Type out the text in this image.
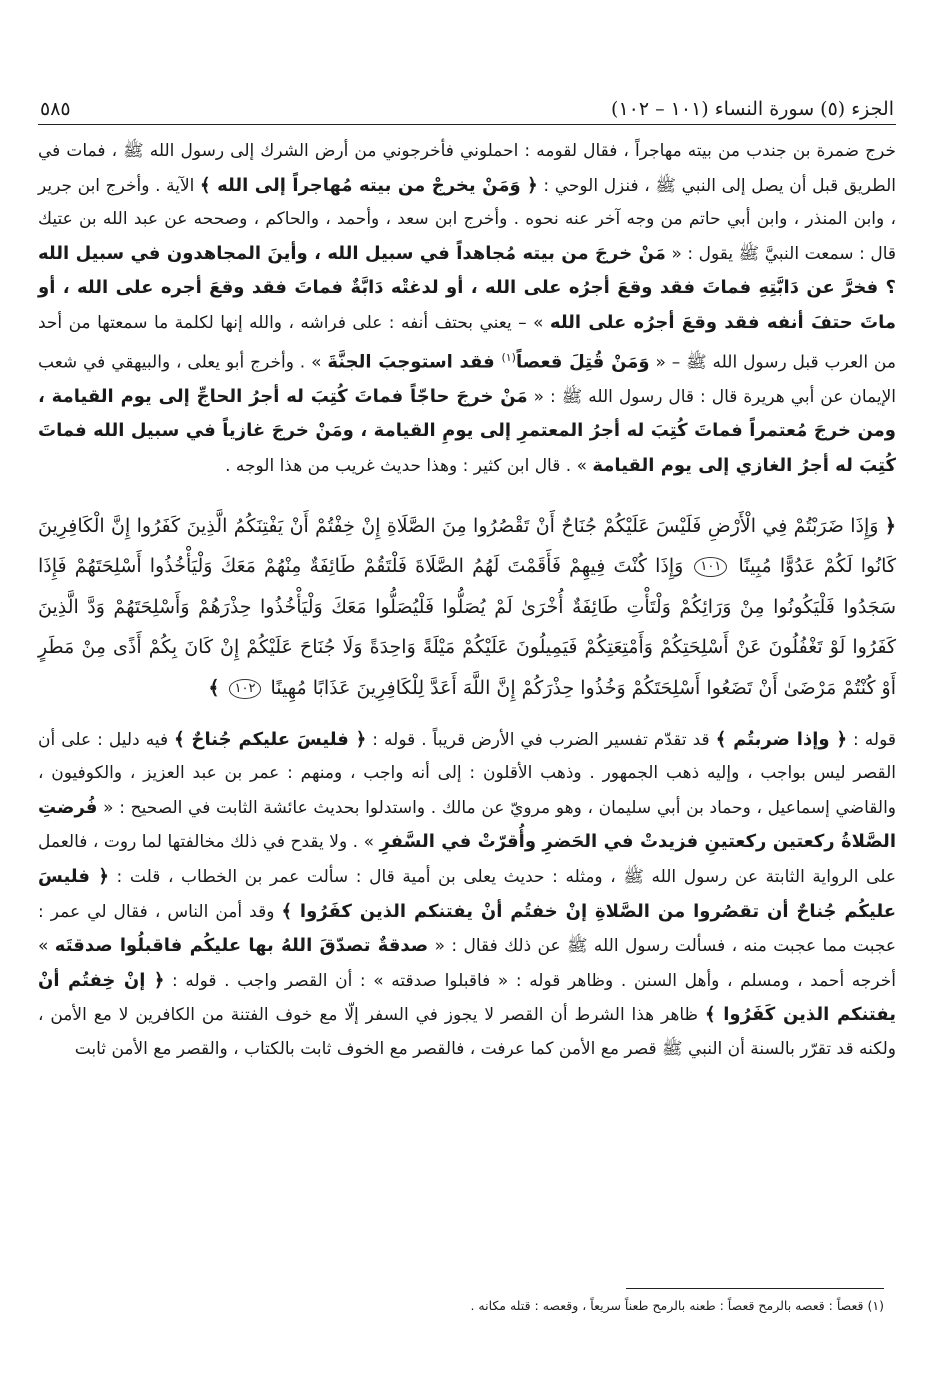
الجزء (٥) سورة النساء (١٠١ – ١٠٢)
٥٨٥

خرج ضمرة بن جندب من بيته مهاجراً ، فقال لقومه : احملوني فأخرجوني من أرض الشرك إلى رسول الله ﷺ ، فمات في الطريق قبل أن يصل إلى النبي ﷺ ، فنزل الوحي : ﴿ وَمَنْ يخرجْ من بيته مُهاجراً إلى الله ﴾ الآية . وأخرج ابن جرير ، وابن المنذر ، وابن أبي حاتم من وجه آخر عنه نحوه . وأخرج ابن سعد ، وأحمد ، والحاكم ، وصححه عن عبد الله بن عتيك قال : سمعت النبيَّ ﷺ يقول : « مَنْ خرجَ من بيته مُجاهداً في سبيل الله ، وأينَ المجاهدون في سبيل الله ؟ فخرَّ عن دَابَّتِهِ فماتَ فقد وقعَ أجرُه على الله ، أو لدغتْه دَابَّةٌ فماتَ فقد وقعَ أجره على الله ، أو ماتَ حتفَ أنفه فقد وقعَ أجرُه على الله » – يعني بحتف أنفه : على فراشه ، والله إنها لكلمة ما سمعتها من أحد من العرب قبل رسول الله ﷺ – « وَمَنْ قُتِلَ قعصاً$^{(١)}$ فقد استوجبَ الجنَّةَ » . وأخرج أبو يعلى ، والبيهقي في شعب الإيمان عن أبي هريرة قال : قال رسول الله ﷺ : « مَنْ خرجَ حاجّاً فماتَ كُتِبَ له أجرُ الحاجِّ إلى يوم القيامة ، ومن خرجَ مُعتمراً فماتَ كُتِبَ له أجرُ المعتمرِ إلى يومِ القيامة ، ومَنْ خرجَ غازياً في سبيل الله فماتَ كُتِبَ له أجرُ الغازي إلى يوم القيامة » . قال ابن كثير : وهذا حديث غريب من هذا الوجه .

﴿ وَإِذَا ضَرَبْتُمْ فِي الْأَرْضِ فَلَيْسَ عَلَيْكُمْ جُنَاحٌ أَنْ تَقْصُرُوا مِنَ الصَّلَاةِ إِنْ خِفْتُمْ أَنْ يَفْتِنَكُمُ الَّذِينَ كَفَرُوا إِنَّ الْكَافِرِينَ كَانُوا لَكُمْ عَدُوًّا مُبِينًا ١٠١ وَإِذَا كُنْتَ فِيهِمْ فَأَقَمْتَ لَهُمُ الصَّلَاةَ فَلْتَقُمْ طَائِفَةٌ مِنْهُمْ مَعَكَ وَلْيَأْخُذُوا أَسْلِحَتَهُمْ فَإِذَا سَجَدُوا فَلْيَكُونُوا مِنْ وَرَائِكُمْ وَلْتَأْتِ طَائِفَةٌ أُخْرَىٰ لَمْ يُصَلُّوا فَلْيُصَلُّوا مَعَكَ وَلْيَأْخُذُوا حِذْرَهُمْ وَأَسْلِحَتَهُمْ وَدَّ الَّذِينَ كَفَرُوا لَوْ تَغْفُلُونَ عَنْ أَسْلِحَتِكُمْ وَأَمْتِعَتِكُمْ فَيَمِيلُونَ عَلَيْكُمْ مَيْلَةً وَاحِدَةً وَلَا جُنَاحَ عَلَيْكُمْ إِنْ كَانَ بِكُمْ أَذًى مِنْ مَطَرٍ أَوْ كُنْتُمْ مَرْضَىٰ أَنْ تَضَعُوا أَسْلِحَتَكُمْ وَخُذُوا حِذْرَكُمْ إِنَّ اللَّهَ أَعَدَّ لِلْكَافِرِينَ عَذَابًا مُهِينًا ١٠٢ ﴾

قوله : ﴿ وإذا ضربتُم ﴾ قد تقدّم تفسير الضرب في الأرض قريباً . قوله : ﴿ فليسَ عليكم جُناحٌ ﴾ فيه دليل : على أن القصر ليس بواجب ، وإليه ذهب الجمهور . وذهب الأقلون : إلى أنه واجب ، ومنهم : عمر بن عبد العزيز ، والكوفيون ، والقاضي إسماعيل ، وحماد بن أبي سليمان ، وهو مرويّ عن مالك . واستدلوا بحديث عائشة الثابت في الصحيح : « فُرضتِ الصَّلاةُ ركعتين ركعتينِ فزيدتْ في الحَضرِ وأُقرّتْ في السَّفرِ » . ولا يقدح في ذلك مخالفتها لما روت ، فالعمل على الرواية الثابتة عن رسول الله ﷺ ، ومثله : حديث يعلى بن أمية قال : سألت عمر بن الخطاب ، قلت : ﴿ فليسَ عليكُم جُناحٌ أن تقصُروا من الصَّلاةِ إنْ خفتُم أنْ يفتنكم الذين كفَرُوا ﴾ وقد أمن الناس ، فقال لي عمر : عجبت مما عجبت منه ، فسألت رسول الله ﷺ عن ذلك فقال : « صدقةٌ تصدّقَ اللهُ بها عليكُم فاقبلُوا صدقتَه » أخرجه أحمد ، ومسلم ، وأهل السنن . وظاهر قوله : « فاقبلوا صدقته » : أن القصر واجب . قوله : ﴿ إنْ خِفتُم أنْ يفتنكم الذين كَفَرُوا ﴾ ظاهر هذا الشرط أن القصر لا يجوز في السفر إلّا مع خوف الفتنة من الكافرين لا مع الأمن ، ولكنه قد تقرّر بالسنة أن النبي ﷺ قصر مع الأمن كما عرفت ، فالقصر مع الخوف ثابت بالكتاب ، والقصر مع الأمن ثابت

(١) قعصاً : قعصه بالرمح قعصاً : طعنه بالرمح طعناً سريعاً ، وقعصه : قتله مكانه .
